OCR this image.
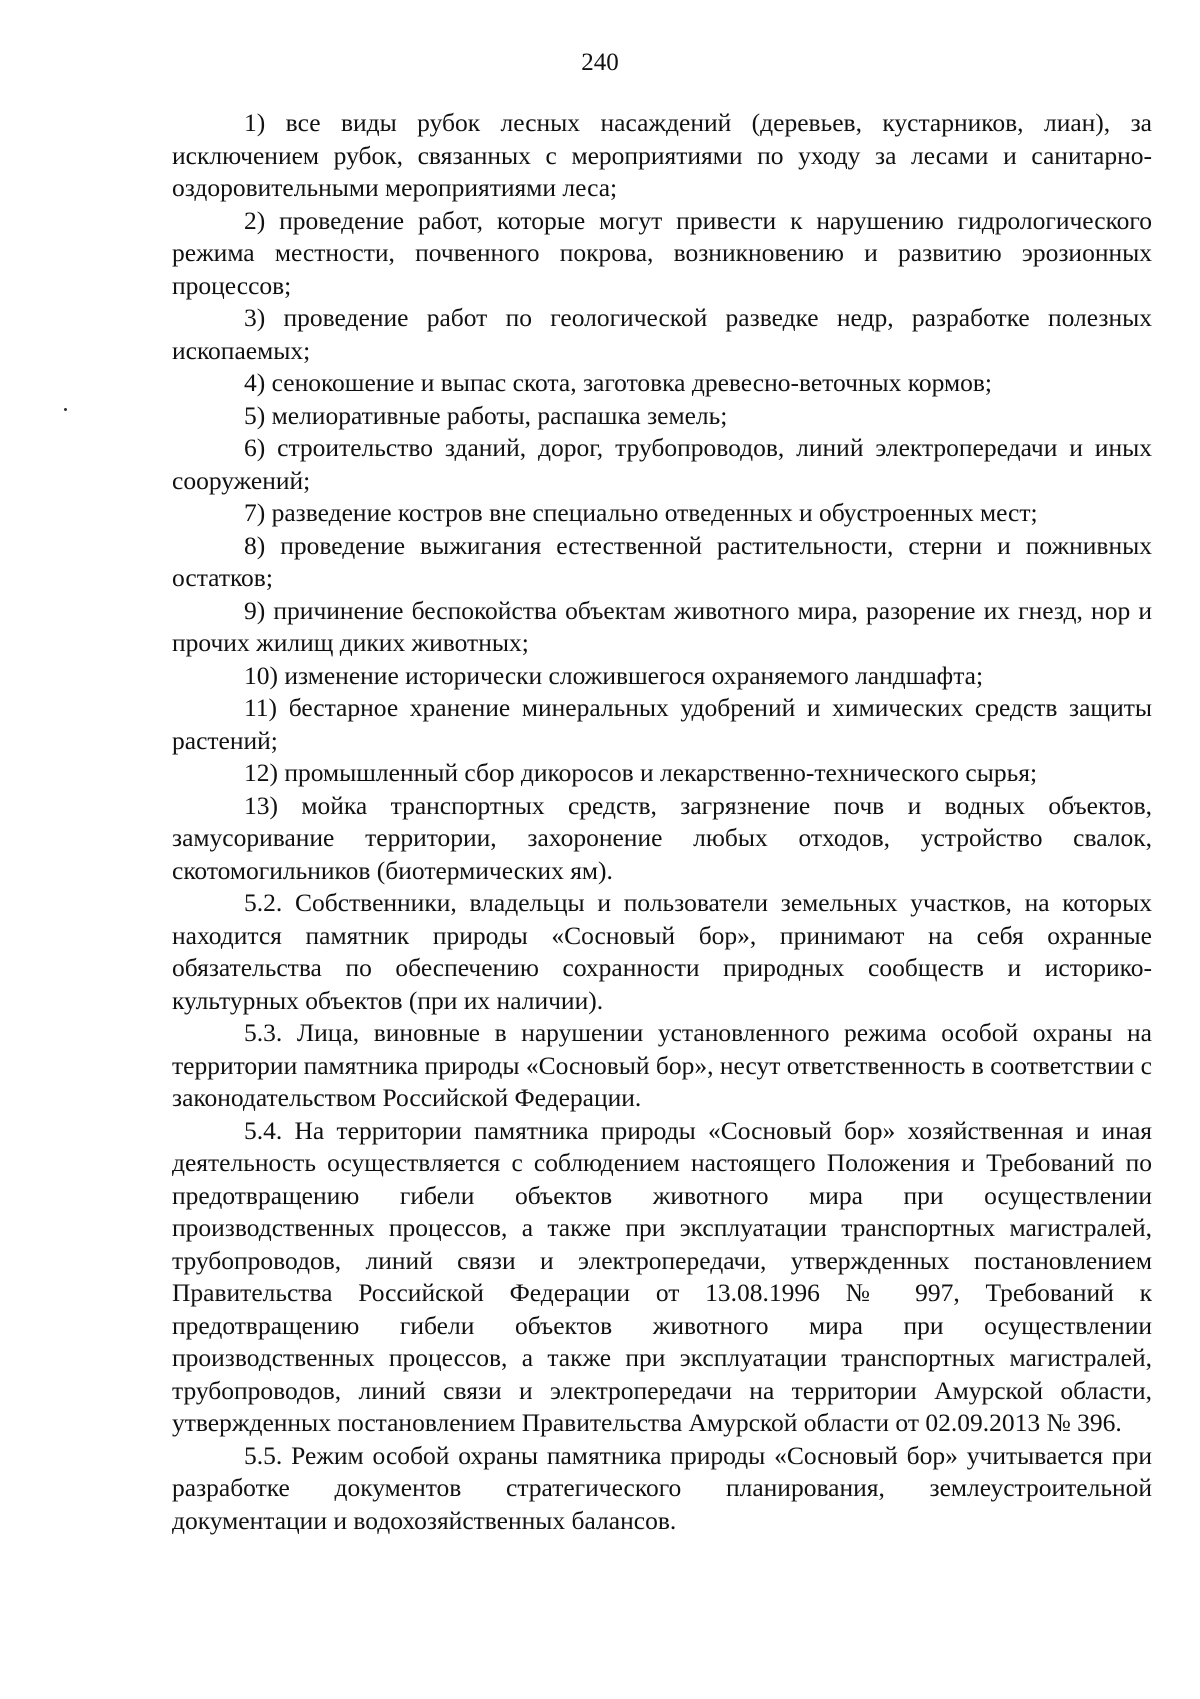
240

1) все виды рубок лесных насаждений (деревьев, кустарников, лиан), за исключением рубок, связанных с мероприятиями по уходу за лесами и санитарно-оздоровительными мероприятиями леса;

2) проведение работ, которые могут привести к нарушению гидрологического режима местности, почвенного покрова, возникновению и развитию эрозионных процессов;

3) проведение работ по геологической разведке недр, разработке полезных ископаемых;

4) сенокошение и выпас скота, заготовка древесно-веточных кормов;

5) мелиоративные работы, распашка земель;

6) строительство зданий, дорог, трубопроводов, линий электропередачи и иных сооружений;

7) разведение костров вне специально отведенных и обустроенных мест;

8) проведение выжигания естественной растительности, стерни и пожнивных остатков;

9) причинение беспокойства объектам животного мира, разорение их гнезд, нор и прочих жилищ диких животных;

10) изменение исторически сложившегося охраняемого ландшафта;

11) бестарное хранение минеральных удобрений и химических средств защиты растений;

12) промышленный сбор дикоросов и лекарственно-технического сырья;

13) мойка транспортных средств, загрязнение почв и водных объектов, замусоривание территории, захоронение любых отходов, устройство свалок, скотомогильников (биотермических ям).

5.2. Собственники, владельцы и пользователи земельных участков, на которых находится памятник природы «Сосновый бор», принимают на себя охранные обязательства по обеспечению сохранности природных сообществ и историко-культурных объектов (при их наличии).

5.3. Лица, виновные в нарушении установленного режима особой охраны на территории памятника природы «Сосновый бор», несут ответственность в соответствии с законодательством Российской Федерации.

5.4. На территории памятника природы «Сосновый бор» хозяйственная и иная деятельность осуществляется с соблюдением настоящего Положения и Требований по предотвращению гибели объектов животного мира при осуществлении производственных процессов, а также при эксплуатации транспортных магистралей, трубопроводов, линий связи и электропередачи, утвержденных постановлением Правительства Российской Федерации от 13.08.1996 № 997, Требований к предотвращению гибели объектов животного мира при осуществлении производственных процессов, а также при эксплуатации транспортных магистралей, трубопроводов, линий связи и электропередачи на территории Амурской области, утвержденных постановлением Правительства Амурской области от 02.09.2013 № 396.

5.5. Режим особой охраны памятника природы «Сосновый бор» учитывается при разработке документов стратегического планирования, землеустроительной документации и водохозяйственных балансов.
